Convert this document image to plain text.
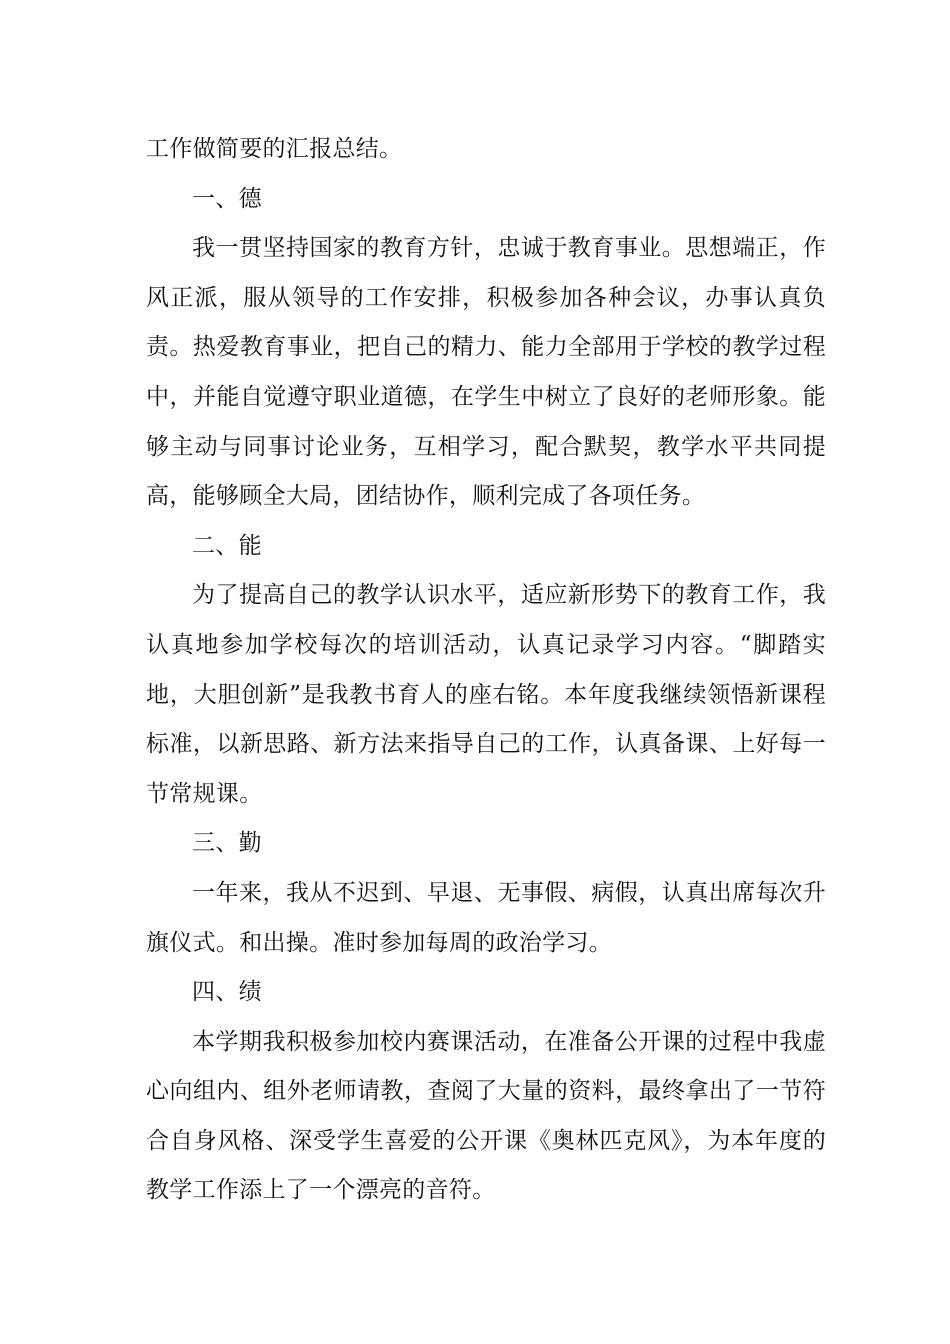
工作做简要的汇报总结。

一、德

我一贯坚持国家的教育方针，忠诚于教育事业。思想端正，作风正派，服从领导的工作安排，积极参加各种会议，办事认真负责。热爱教育事业，把自己的精力、能力全部用于学校的教学过程中，并能自觉遵守职业道德，在学生中树立了良好的老师形象。能够主动与同事讨论业务，互相学习，配合默契，教学水平共同提高，能够顾全大局，团结协作，顺利完成了各项任务。

二、能

为了提高自己的教学认识水平，适应新形势下的教育工作，我认真地参加学校每次的培训活动，认真记录学习内容。“脚踏实地，大胆创新”是我教书育人的座右铭。本年度我继续领悟新课程标准，以新思路、新方法来指导自己的工作，认真备课、上好每一节常规课。

三、勤

一年来，我从不迟到、早退、无事假、病假，认真出席每次升旗仪式。和出操。准时参加每周的政治学习。

四、绩

本学期我积极参加校内赛课活动，在准备公开课的过程中我虚心向组内、组外老师请教，查阅了大量的资料，最终拿出了一节符合自身风格、深受学生喜爱的公开课《奥林匹克风》，为本年度的教学工作添上了一个漂亮的音符。
